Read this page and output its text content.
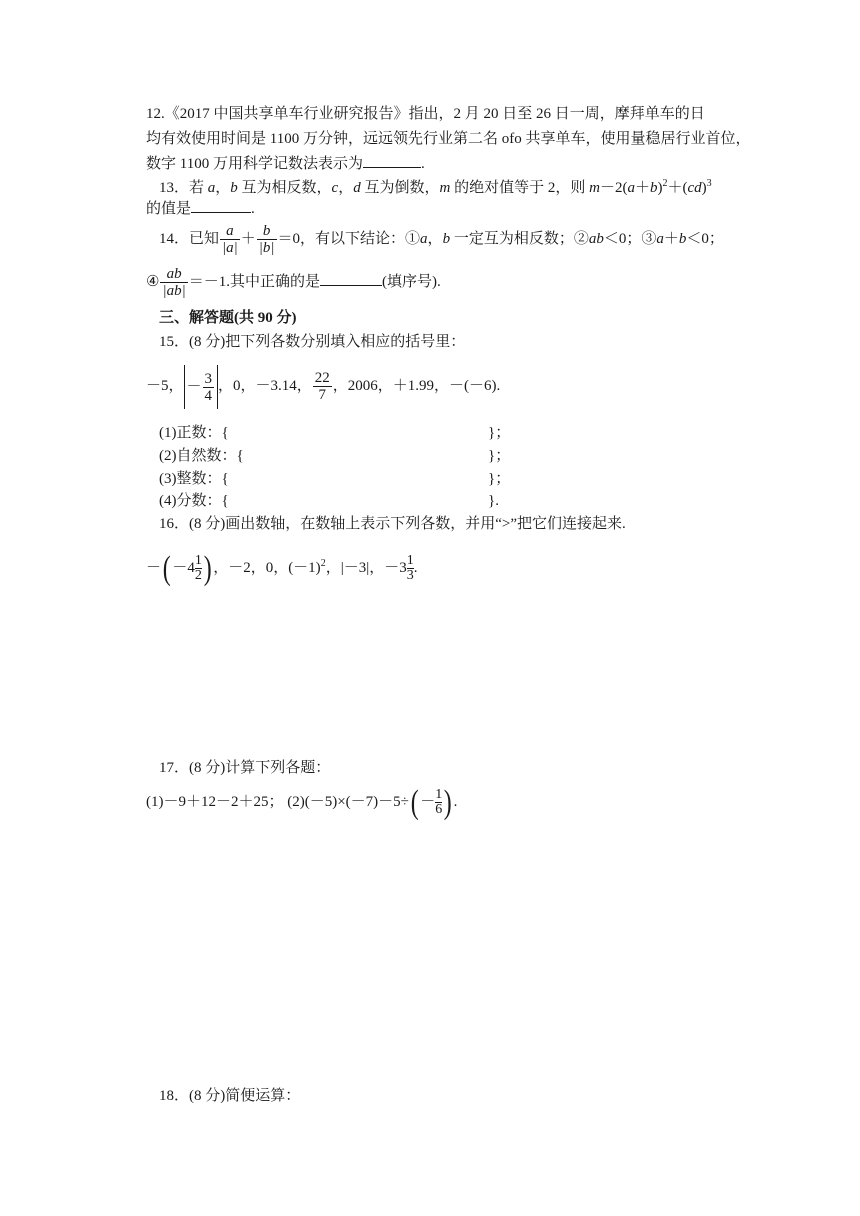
12.《2017 中国共享单车行业研究报告》指出，2 月 20 日至 26 日一周，摩拜单车的日
均有效使用时间是 1100 万分钟，远远领先行业第二名 ofo 共享单车，使用量稳居行业首位，
数字 1100 万用科学记数法表示为	.
13．若 a，b 互为相反数，c，d 互为倒数，m 的绝对值等于 2，则 $m-2(a+b)^2+(cd)^3$
的值是	.
14．已知 $\frac{a}{|a|} + \frac{b}{|b|} =0$，有以下结论：①a，b 一定互为相反数；②ab＜0；③a＋b＜0；
④ $\frac{ab}{|ab|} =-1$.其中正确的是	(填序号).
三、解答题(共 90 分)
15．(8 分)把下列各数分别填入相应的括号里：
－5， － $\frac{3}{4}$ ，0，－3.14， $\frac{22}{7}$ ，2006，＋1.99，－(－6).
(1)正数：{	}；
(2)自然数：{	}；
(3)整数：{	}；
(4)分数：{	}.
16．(8 分)画出数轴，在数轴上表示下列各数，并用“>”把它们连接起来.
－( $-4 \frac{1}{2}$ ) ，－2，0，$(-1)^2$，|－3|，$-3 \frac{1}{3}$ .
17．(8 分)计算下列各题：
(1)－9＋12－2＋25； $(2)(-5)\times(-7)-5\div( - \frac{1}{6}$ ) .
18．(8 分)简便运算：
